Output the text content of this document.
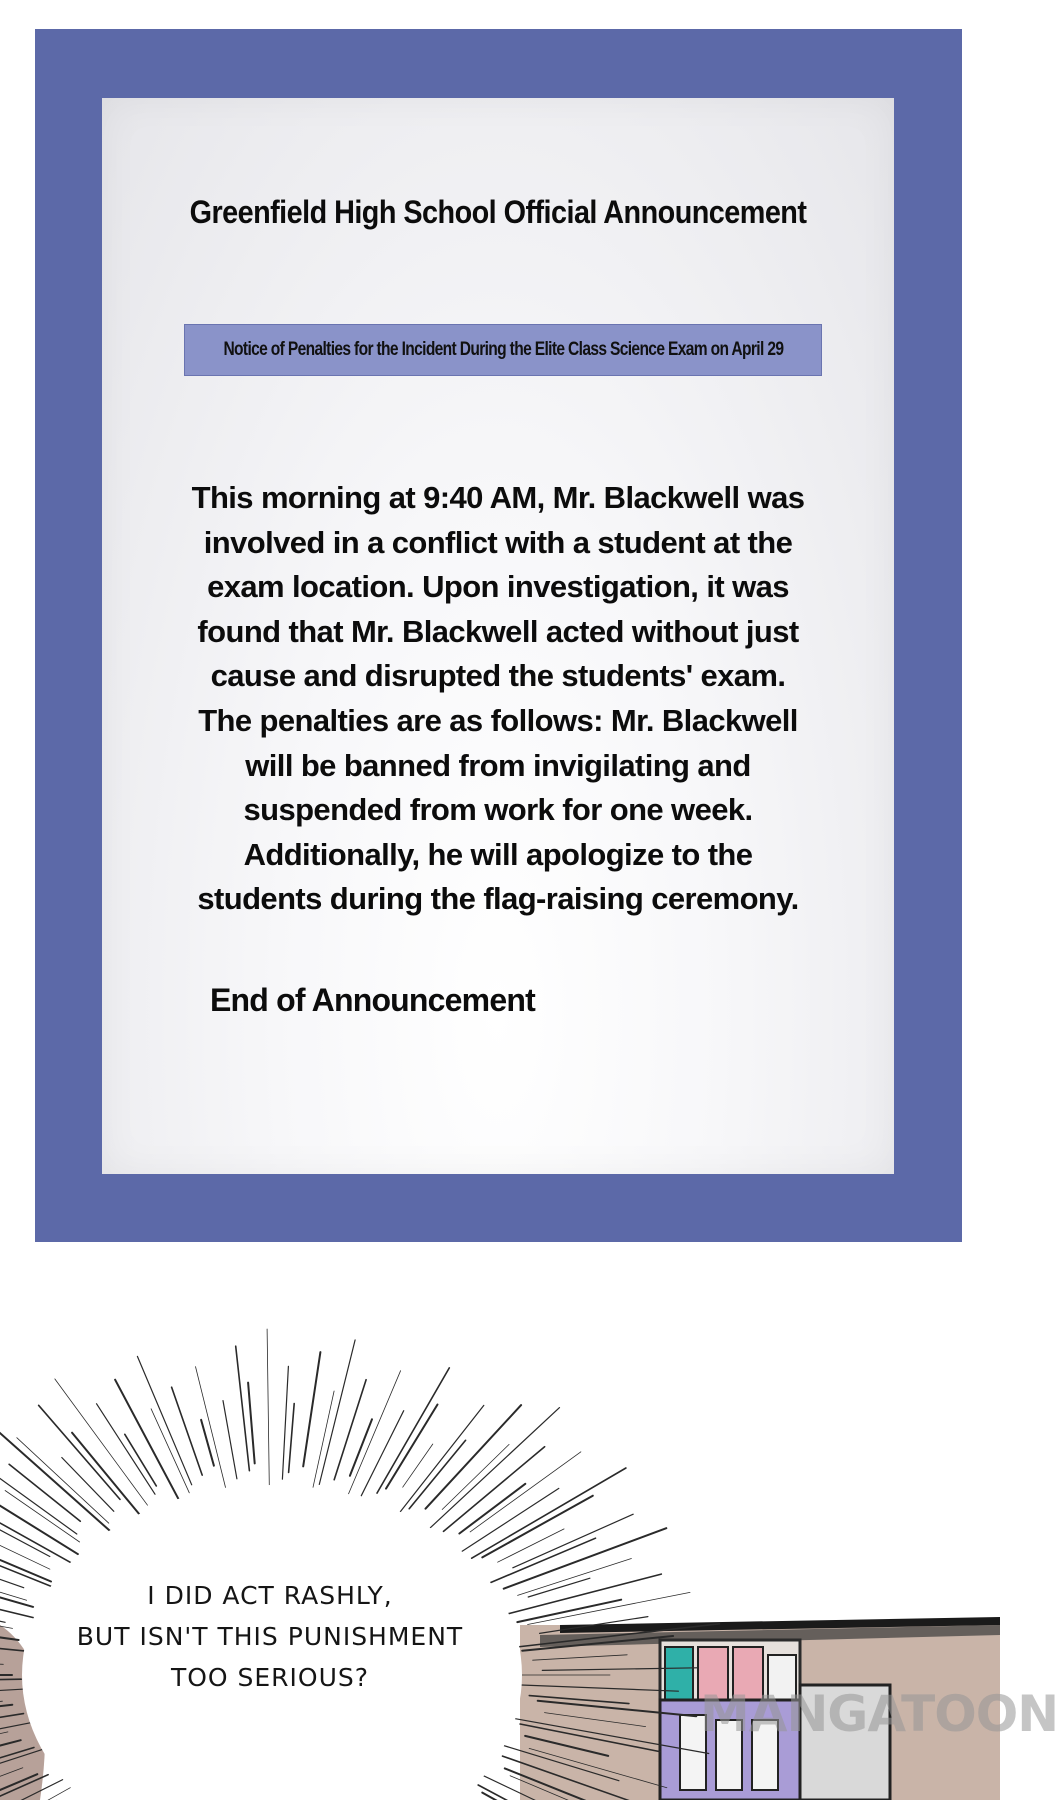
Greenfield High School Official Announcement
Notice of Penalties for the Incident During the Elite Class Science Exam on April 29
This morning at 9:40 AM, Mr. Blackwell was
involved in a conflict with a student at the
exam location. Upon investigation, it was
found that Mr. Blackwell acted without just
cause and disrupted the students' exam.
The penalties are as follows: Mr. Blackwell
will be banned from invigilating and
suspended from work for one week.
Additionally, he will apologize to the
students during the flag-raising ceremony.
End of Announcement
I DID ACT RASHLY,
BUT ISN'T THIS PUNISHMENT
TOO SERIOUS?
MANGATOON
